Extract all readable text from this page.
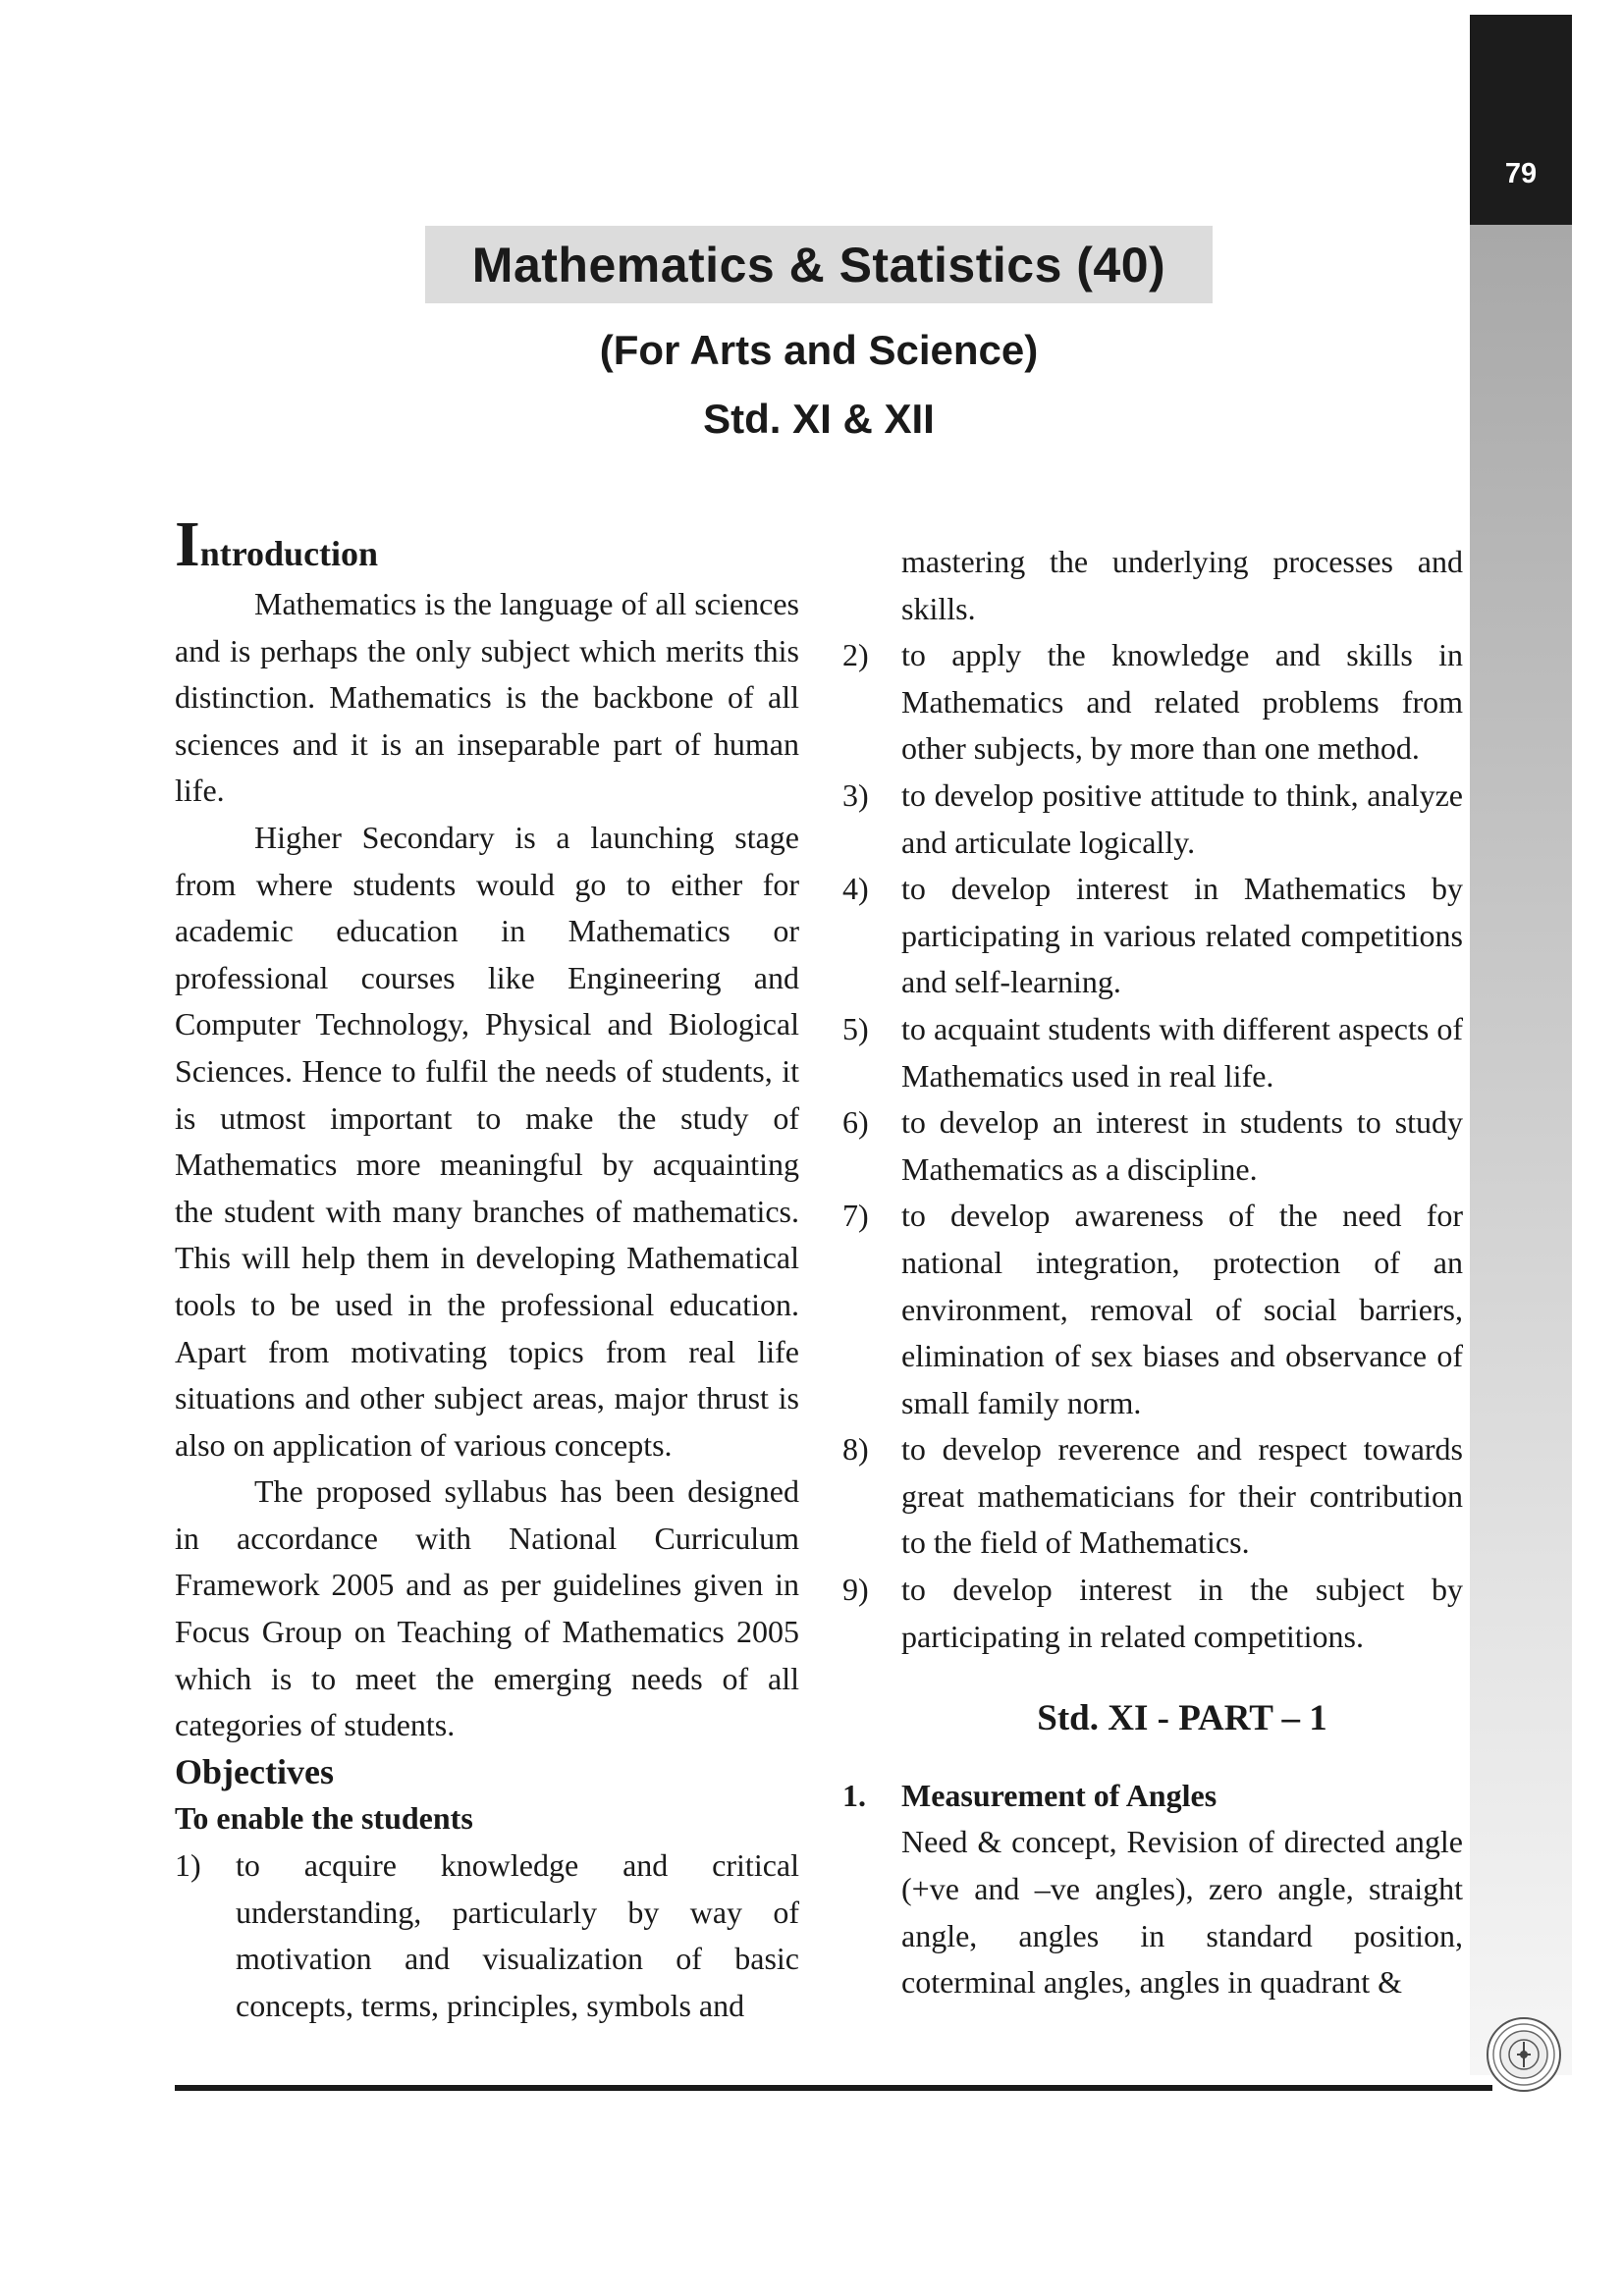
79
Mathematics & Statistics (40)
(For Arts and Science)
Std. XI & XII
Introduction

Mathematics is the language of all sciences and is perhaps the only subject which merits this distinction. Mathematics is the backbone of all sciences and it is an inseparable part of human life.

Higher Secondary is a launching stage from where students would go to either for academic education in Mathematics or professional courses like Engineering and Computer Technology, Physical and Biological Sciences. Hence to fulfil the needs of students, it is utmost important to make the study of Mathematics more meaningful by acquainting the student with many branches of mathematics. This will help them in developing Mathematical tools to be used in the professional education. Apart from motivating topics from real life situations and other subject areas, major thrust is also on application of various concepts.

The proposed syllabus has been designed in accordance with National Curriculum Framework 2005 and as per guidelines given in Focus Group on Teaching of Mathematics 2005 which is to meet the emerging needs of all categories of students.

Objectives
To enable the students
1)	to acquire knowledge and critical understanding, particularly by way of motivation and visualization of basic concepts, terms, principles, symbols and

mastering the underlying processes and skills.

2)	to apply the knowledge and skills in Mathematics and related problems from other subjects, by more than one method.
3)	to develop positive attitude to think, analyze and articulate logically.
4)	to develop interest in Mathematics by participating in various related competitions and self-learning.
5)	to acquaint students with different aspects of Mathematics used in real life.
6)	to develop an interest in students to study Mathematics as a discipline.
7)	to develop awareness of the need for national integration, protection of an environment, removal of social barriers, elimination of sex biases and observance of small family norm.
8)	to develop reverence and respect towards great mathematicians for their contribution to the field of Mathematics.
9)	to develop interest in the subject by participating in related competitions.
Std. XI - PART – 1
1.	Measurement of Angles

Need & concept, Revision of directed angle (+ve and –ve angles), zero angle, straight angle, angles in standard position, coterminal angles, angles in quadrant &
